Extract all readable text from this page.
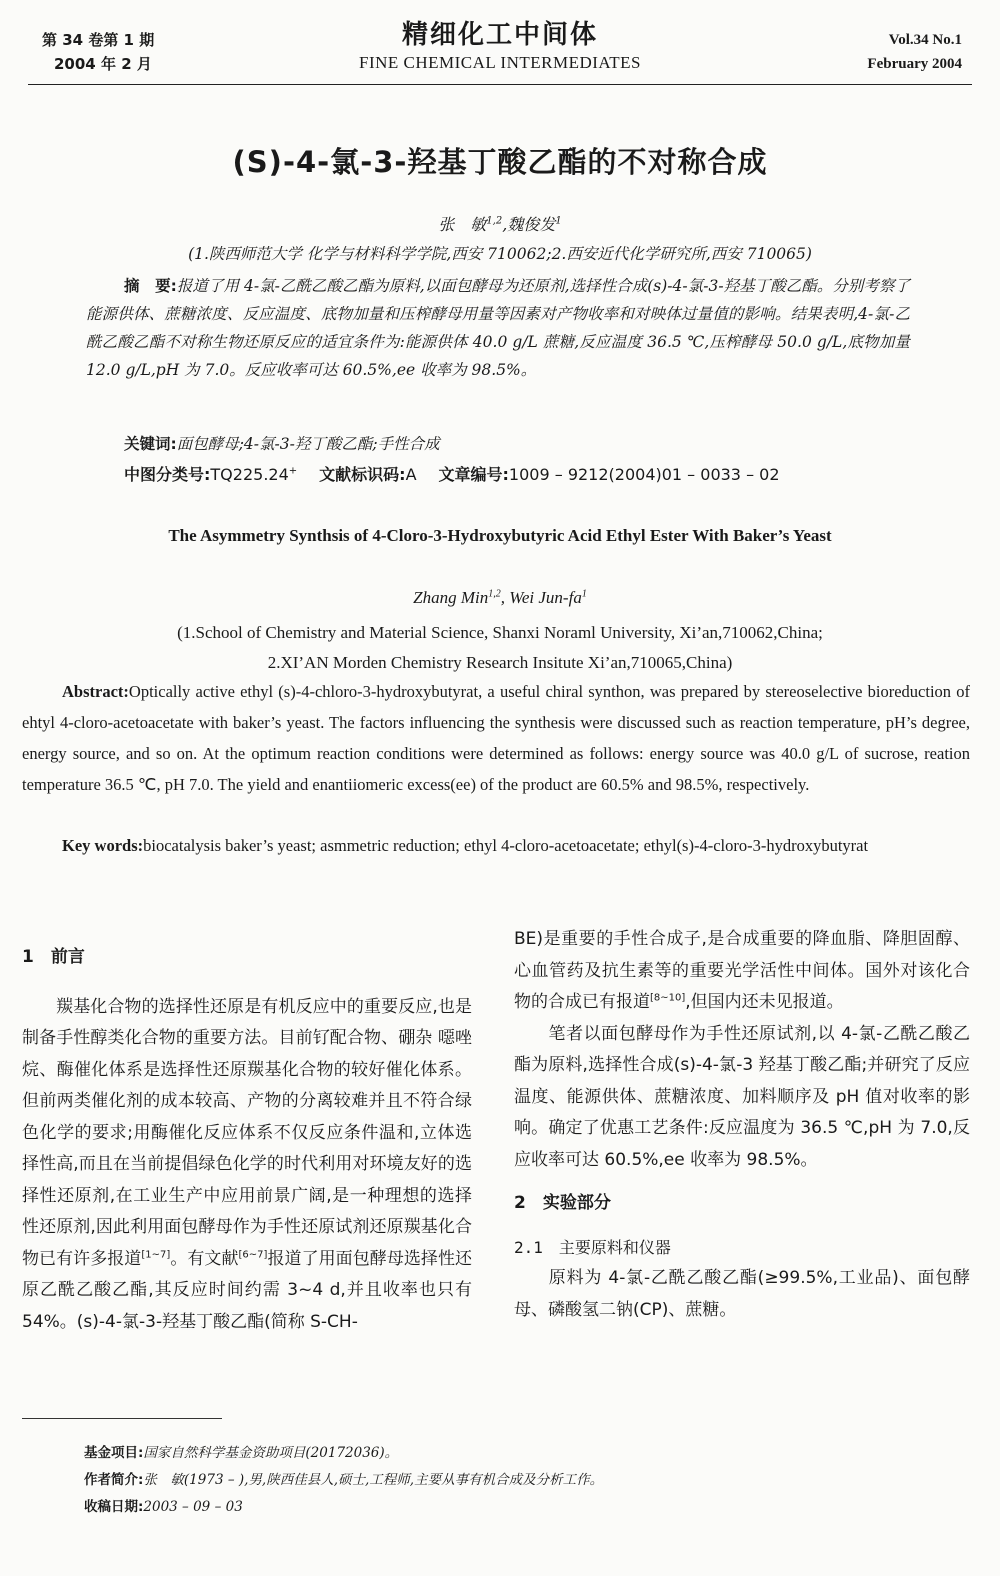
第 34 卷第 1 期
2004 年 2 月
精细化工中间体
FINE CHEMICAL INTERMEDIATES
Vol.34 No.1
February 2004
(S)-4-氯-3-羟基丁酸乙酯的不对称合成
张　敏$^{1,2}$,魏俊发$^1$
(1.陕西师范大学 化学与材料科学学院,西安 710062;2.西安近代化学研究所,西安 710065)
摘　要:报道了用 4-氯-乙酰乙酸乙酯为原料,以面包酵母为还原剂,选择性合成(s)-4-氯-3-羟基丁酸乙酯。分别考察了能源供体、蔗糖浓度、反应温度、底物加量和压榨酵母用量等因素对产物收率和对映体过量值的影响。结果表明,4-氯-乙酰乙酸乙酯不对称生物还原反应的适宜条件为:能源供体 40.0 g/L 蔗糖,反应温度 36.5 ℃,压榨酵母 50.0 g/L,底物加量 12.0 g/L,pH 为 7.0。反应收率可达 60.5%,ee 收率为 98.5%。
关键词:面包酵母;4-氯-3-羟丁酸乙酯;手性合成
中图分类号:TQ225.24+ 文献标识码:A 文章编号:1009 – 9212(2004)01 – 0033 – 02
The Asymmetry Synthsis of 4-Cloro-3-Hydroxybutyric Acid Ethyl Ester With Baker’s Yeast
Zhang Min$^{1,2}$, Wei Jun-$fa^1$
(1.School of Chemistry and Material Science, Shanxi Noraml University, Xi’an,710062,China;
2.XI’AN Morden Chemistry Research Insitute Xi’an,710065,China)
Abstract:Optically active ethyl (s)-4-chloro-3-hydroxybutyrat, a useful chiral synthon, was prepared by stereoselective bioreduction of ehtyl 4-cloro-acetoacetate with baker’s yeast. The factors influencing the synthesis were discussed such as reaction temperature, pH’s degree, energy source, and so on. At the optimum reaction conditions were determined as follows: energy source was 40.0 g/L of sucrose, reation temperature 36.5 ℃, pH 7.0. The yield and enantiiomeric excess(ee) of the product are 60.5% and 98.5%, respectively.
Key words:biocatalysis baker’s yeast; asmmetric reduction; ethyl 4-cloro-acetoacetate; ethyl(s)-4-cloro-3-hydroxybutyrat
1　前言
羰基化合物的选择性还原是有机反应中的重要反应,也是制备手性醇类化合物的重要方法。目前钌配合物、硼杂 噁唑烷、酶催化体系是选择性还原羰基化合物的较好催化体系。但前两类催化剂的成本较高、产物的分离较难并且不符合绿色化学的要求;用酶催化反应体系不仅反应条件温和,立体选择性高,而且在当前提倡绿色化学的时代利用对环境友好的选择性还原剂,在工业生产中应用前景广阔,是一种理想的选择性还原剂,因此利用面包酵母作为手性还原试剂还原羰基化合物已有许多报道[1~7]。有文献[6~7]报道了用面包酵母选择性还原乙酰乙酸乙酯,其反应时间约需 3~4 d,并且收率也只有 54%。(s)-4-氯-3-羟基丁酸乙酯(简称 S-CH-
BE)是重要的手性合成子,是合成重要的降血脂、降胆固醇、心血管药及抗生素等的重要光学活性中间体。国外对该化合物的合成已有报道[8~10],但国内还未见报道。
笔者以面包酵母作为手性还原试剂,以 4-氯-乙酰乙酸乙酯为原料,选择性合成(s)-4-氯-3 羟基丁酸乙酯;并研究了反应温度、能源供体、蔗糖浓度、加料顺序及 pH 值对收率的影响。确定了优惠工艺条件:反应温度为 36.5 ℃,pH 为 7.0,反应收率可达 60.5%,ee 收率为 98.5%。
2　实验部分
2.1　主要原料和仪器
原料为 4-氯-乙酰乙酸乙酯(≥99.5%,工业品)、面包酵母、磷酸氢二钠(CP)、蔗糖。
基金项目:国家自然科学基金资助项目(20172036)。
作者简介:张　敏(1973 – ),男,陕西佳县人,硕士,工程师,主要从事有机合成及分析工作。
收稿日期:2003 – 09 – 03
